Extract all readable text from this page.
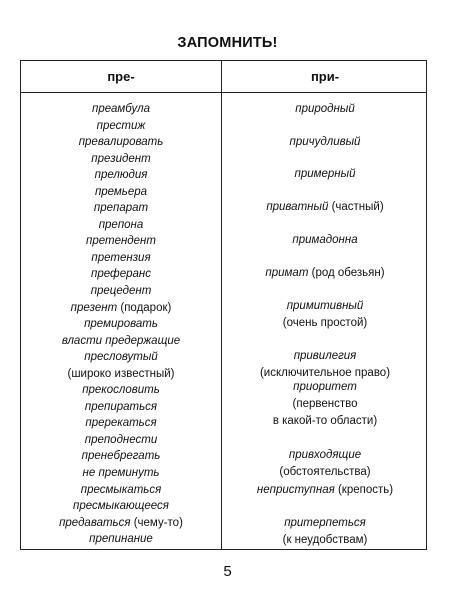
ЗАПОМНИТЬ!
пре-	при-
преамбула
престиж
превалировать
президент
прелюдия
премьера
препарат
препона
претендент
претензия
преферанс
прецедент
презент (подарок)
премировать
власти предержащие
пресловутый
(широко известный)
прекословить
препираться
пререкаться
преподнести
пренебрегать
не преминуть
пресмыкаться
пресмыкающееся
предаваться (чему-то)
препинание
природный
причудливый
примерный
приватный (частный)
примадонна
примат (род обезьян)
примитивный
(очень простой)
привилегия
(исключительное право)
приоритет
(первенство
в какой-то области)
привходящие
(обстоятельства)
неприступная (крепость)
притерпеться
(к неудобствам)
5
